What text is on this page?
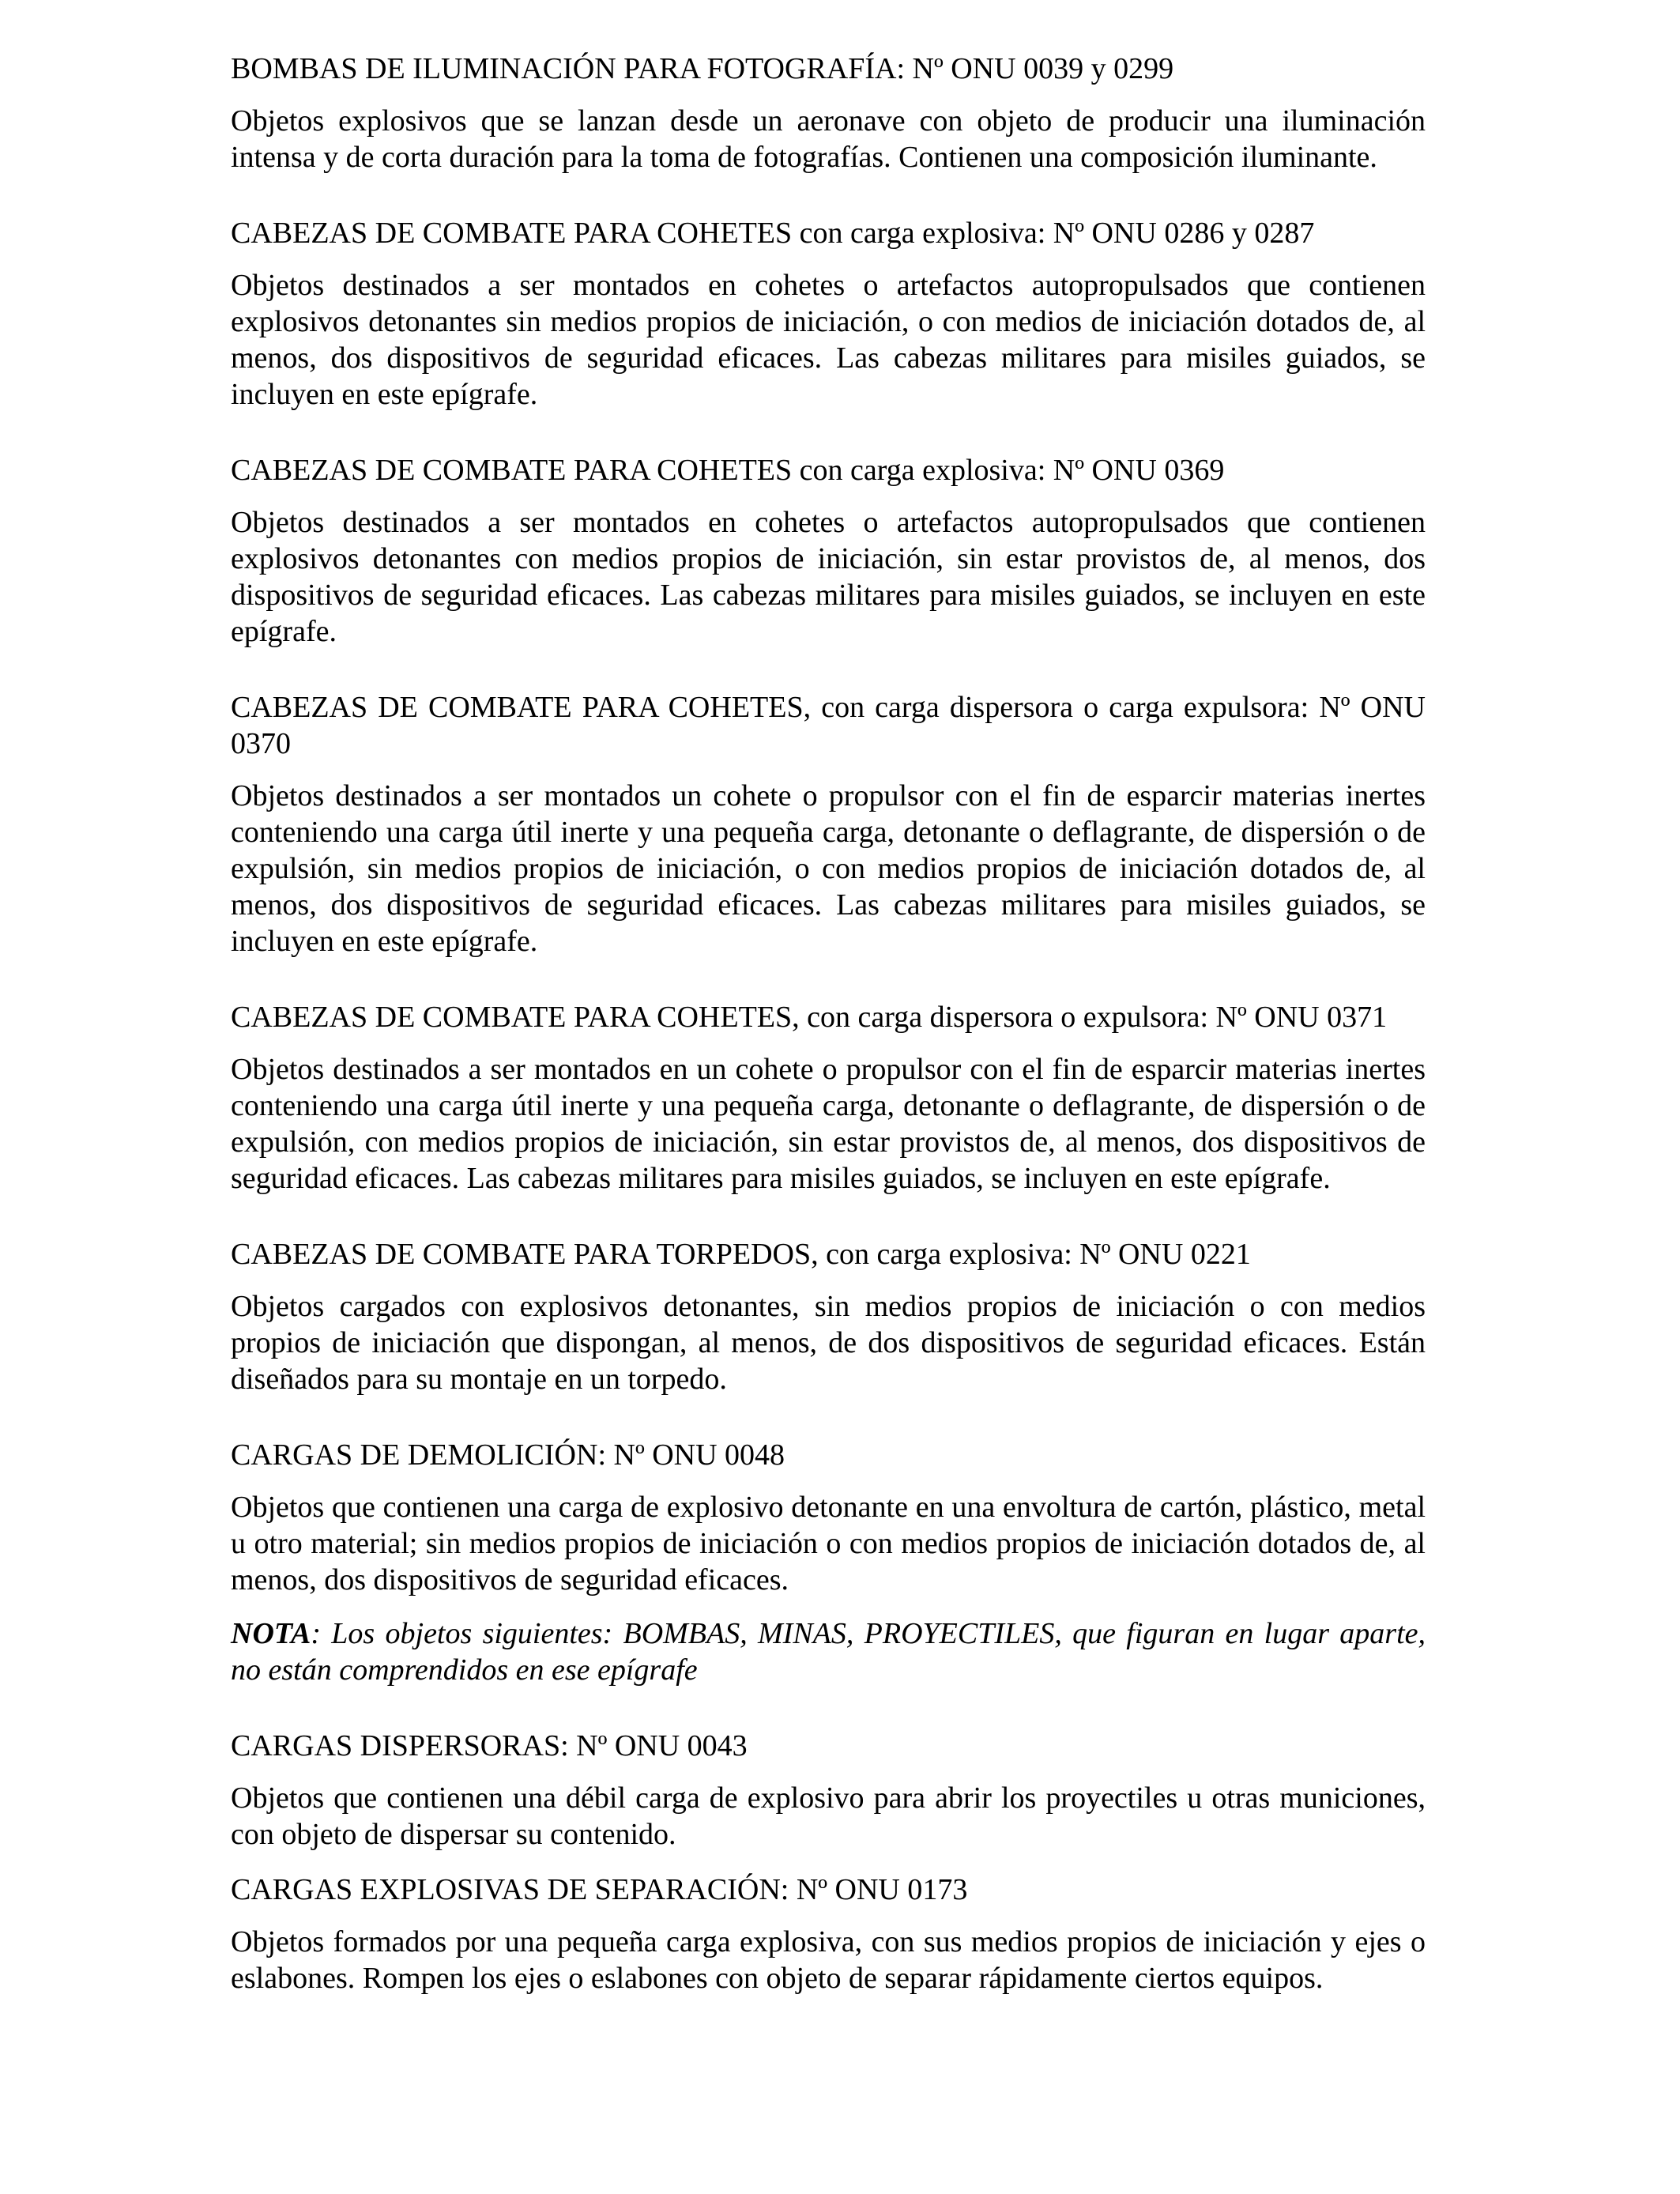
BOMBAS DE ILUMINACIÓN PARA FOTOGRAFÍA: Nº ONU 0039 y 0299

Objetos explosivos que se lanzan desde un aeronave con objeto de producir una iluminación intensa y de corta duración para la toma de fotografías. Contienen una composición iluminante.

CABEZAS DE COMBATE PARA COHETES con carga explosiva: Nº ONU 0286 y 0287

Objetos destinados a ser montados en cohetes o artefactos autopropulsados que contienen explosivos detonantes sin medios propios de iniciación, o con medios de iniciación dotados de, al menos, dos dispositivos de seguridad eficaces. Las cabezas militares para misiles guiados, se incluyen en este epígrafe.

CABEZAS DE COMBATE PARA COHETES con carga explosiva: Nº ONU 0369

Objetos destinados a ser montados en cohetes o artefactos autopropulsados que contienen explosivos detonantes con medios propios de iniciación, sin estar provistos de, al menos, dos dispositivos de seguridad eficaces. Las cabezas militares para misiles guiados, se incluyen en este epígrafe.

CABEZAS DE COMBATE PARA COHETES, con carga dispersora o carga expulsora: Nº ONU 0370

Objetos destinados a ser montados un cohete o propulsor con el fin de esparcir materias inertes conteniendo una carga útil inerte y una pequeña carga, detonante o deflagrante, de dispersión o de expulsión, sin medios propios de iniciación, o con medios propios de iniciación dotados de, al menos, dos dispositivos de seguridad eficaces. Las cabezas militares para misiles guiados, se incluyen en este epígrafe.

CABEZAS DE COMBATE PARA COHETES, con carga dispersora o expulsora: Nº ONU 0371

Objetos destinados a ser montados en un cohete o propulsor con el fin de esparcir materias inertes conteniendo una carga útil inerte y una pequeña carga, detonante o deflagrante, de dispersión o de expulsión, con medios propios de iniciación, sin estar provistos de, al menos, dos dispositivos de seguridad eficaces. Las cabezas militares para misiles guiados, se incluyen en este epígrafe.

CABEZAS DE COMBATE PARA TORPEDOS, con carga explosiva: Nº ONU 0221

Objetos cargados con explosivos detonantes, sin medios propios de iniciación o con medios propios de iniciación que dispongan, al menos, de dos dispositivos de seguridad eficaces. Están diseñados para su montaje en un torpedo.

CARGAS DE DEMOLICIÓN: Nº ONU 0048

Objetos que contienen una carga de explosivo detonante en una envoltura de cartón, plástico, metal u otro material; sin medios propios de iniciación o con medios propios de iniciación dotados de, al menos, dos dispositivos de seguridad eficaces.

NOTA: Los objetos siguientes: BOMBAS, MINAS, PROYECTILES, que figuran en lugar aparte, no están comprendidos en ese epígrafe

CARGAS DISPERSORAS: Nº ONU 0043

Objetos que contienen una débil carga de explosivo para abrir los proyectiles u otras municiones, con objeto de dispersar su contenido.

CARGAS EXPLOSIVAS DE SEPARACIÓN: Nº ONU 0173

Objetos formados por una pequeña carga explosiva, con sus medios propios de iniciación y ejes o eslabones. Rompen los ejes o eslabones con objeto de separar rápidamente ciertos equipos.
